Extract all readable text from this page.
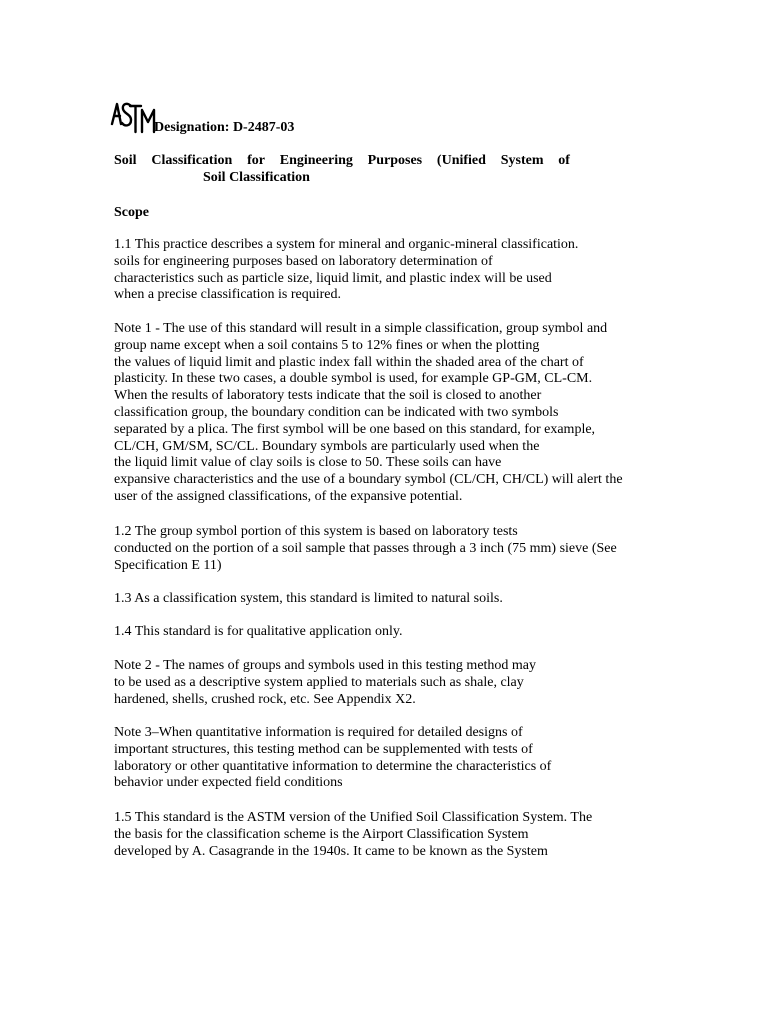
Designation: D-2487-03
Soil Classification for Engineering Purposes (Unified System of
Soil Classification
Scope
1.1 This practice describes a system for mineral and organic-mineral classification.
soils for engineering purposes based on laboratory determination of
characteristics such as particle size, liquid limit, and plastic index will be used
when a precise classification is required.
Note 1 - The use of this standard will result in a simple classification, group symbol and
group name except when a soil contains 5 to 12% fines or when the plotting
the values of liquid limit and plastic index fall within the shaded area of the chart of
plasticity. In these two cases, a double symbol is used, for example GP-GM, CL-CM.
When the results of laboratory tests indicate that the soil is closed to another
classification group, the boundary condition can be indicated with two symbols
separated by a plica. The first symbol will be one based on this standard, for example,
CL/CH, GM/SM, SC/CL. Boundary symbols are particularly used when the
the liquid limit value of clay soils is close to 50. These soils can have
expansive characteristics and the use of a boundary symbol (CL/CH, CH/CL) will alert the
user of the assigned classifications, of the expansive potential.
1.2 The group symbol portion of this system is based on laboratory tests
conducted on the portion of a soil sample that passes through a 3 inch (75 mm) sieve (See
Specification E 11)
1.3 As a classification system, this standard is limited to natural soils.
1.4 This standard is for qualitative application only.
Note 2 - The names of groups and symbols used in this testing method may
to be used as a descriptive system applied to materials such as shale, clay
hardened, shells, crushed rock, etc. See Appendix X2.
Note 3–When quantitative information is required for detailed designs of
important structures, this testing method can be supplemented with tests of
laboratory or other quantitative information to determine the characteristics of
behavior under expected field conditions
1.5 This standard is the ASTM version of the Unified Soil Classification System. The
the basis for the classification scheme is the Airport Classification System
developed by A. Casagrande in the 1940s. It came to be known as the System
